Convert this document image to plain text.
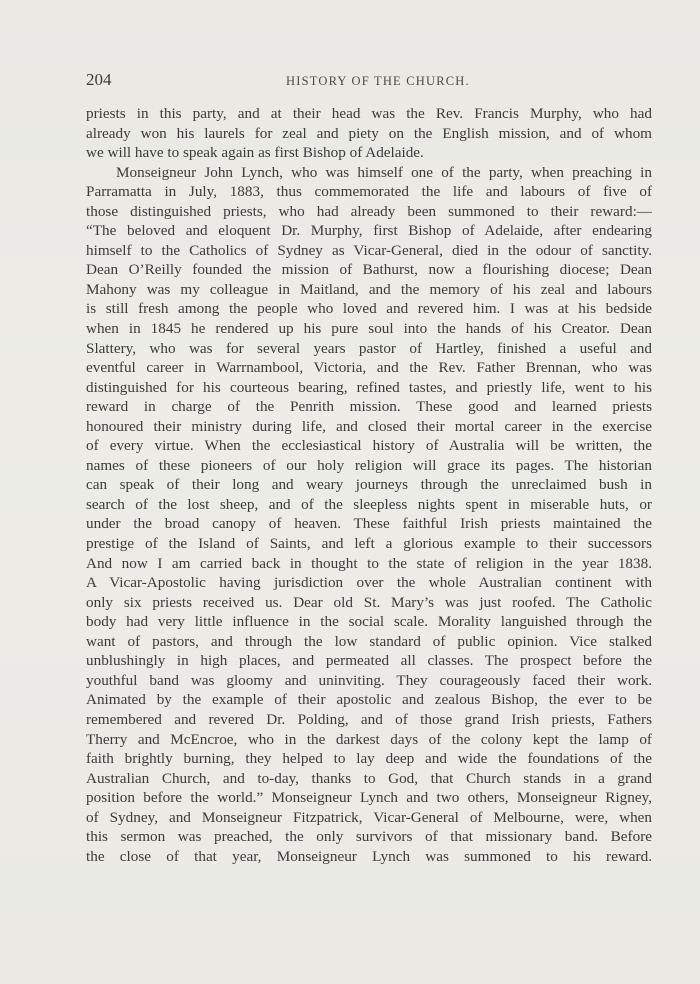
204	HISTORY OF THE CHURCH.
priests in this party, and at their head was the Rev. Francis Murphy, who had
already won his laurels for zeal and piety on the English mission, and of whom
we will have to speak again as first Bishop of Adelaide.
Monseigneur John Lynch, who was himself one of the party, when preaching in
Parramatta in July, 1883, thus commemorated the life and labours of five of
those distinguished priests, who had already been summoned to their reward:—
“The beloved and eloquent Dr. Murphy, first Bishop of Adelaide, after endearing
himself to the Catholics of Sydney as Vicar-General, died in the odour of sanctity.
Dean O’Reilly founded the mission of Bathurst, now a flourishing diocese; Dean
Mahony was my colleague in Maitland, and the memory of his zeal and labours
is still fresh among the people who loved and revered him. I was at his bedside
when in 1845 he rendered up his pure soul into the hands of his Creator. Dean
Slattery, who was for several years pastor of Hartley, finished a useful and
eventful career in Warrnambool, Victoria, and the Rev. Father Brennan, who was
distinguished for his courteous bearing, refined tastes, and priestly life, went to his
reward in charge of the Penrith mission. These good and learned priests
honoured their ministry during life, and closed their mortal career in the exercise
of every virtue. When the ecclesiastical history of Australia will be written, the
names of these pioneers of our holy religion will grace its pages. The historian
can speak of their long and weary journeys through the unreclaimed bush in
search of the lost sheep, and of the sleepless nights spent in miserable huts, or
under the broad canopy of heaven. These faithful Irish priests maintained the
prestige of the Island of Saints, and left a glorious example to their successors
And now I am carried back in thought to the state of religion in the year 1838.
A Vicar-Apostolic having jurisdiction over the whole Australian continent with
only six priests received us. Dear old St. Mary’s was just roofed. The Catholic
body had very little influence in the social scale. Morality languished through the
want of pastors, and through the low standard of public opinion. Vice stalked
unblushingly in high places, and permeated all classes. The prospect before the
youthful band was gloomy and uninviting. They courageously faced their work.
Animated by the example of their apostolic and zealous Bishop, the ever to be
remembered and revered Dr. Polding, and of those grand Irish priests, Fathers
Therry and McEncroe, who in the darkest days of the colony kept the lamp of
faith brightly burning, they helped to lay deep and wide the foundations of the
Australian Church, and to-day, thanks to God, that Church stands in a grand
position before the world.” Monseigneur Lynch and two others, Monseigneur Rigney,
of Sydney, and Monseigneur Fitzpatrick, Vicar-General of Melbourne, were, when
this sermon was preached, the only survivors of that missionary band. Before
the close of that year, Monseigneur Lynch was summoned to his reward.
